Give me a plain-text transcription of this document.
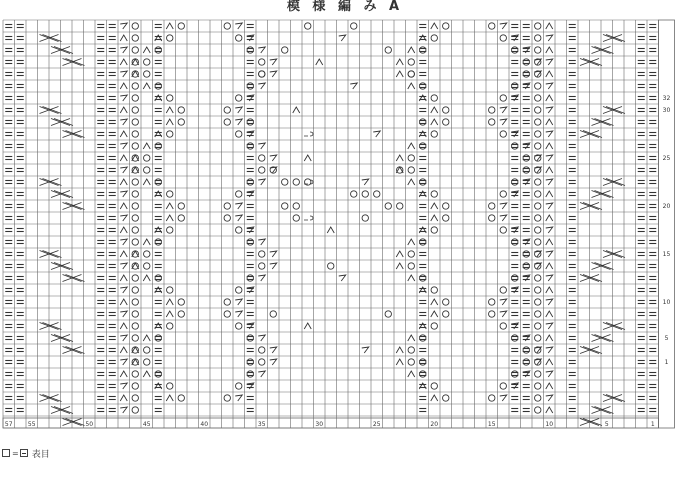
模 様 編 み A
57	55	50	45	40	35	30	25	20	15	10	5	1
32
30
25
20
15
10
5
1
= 表目
